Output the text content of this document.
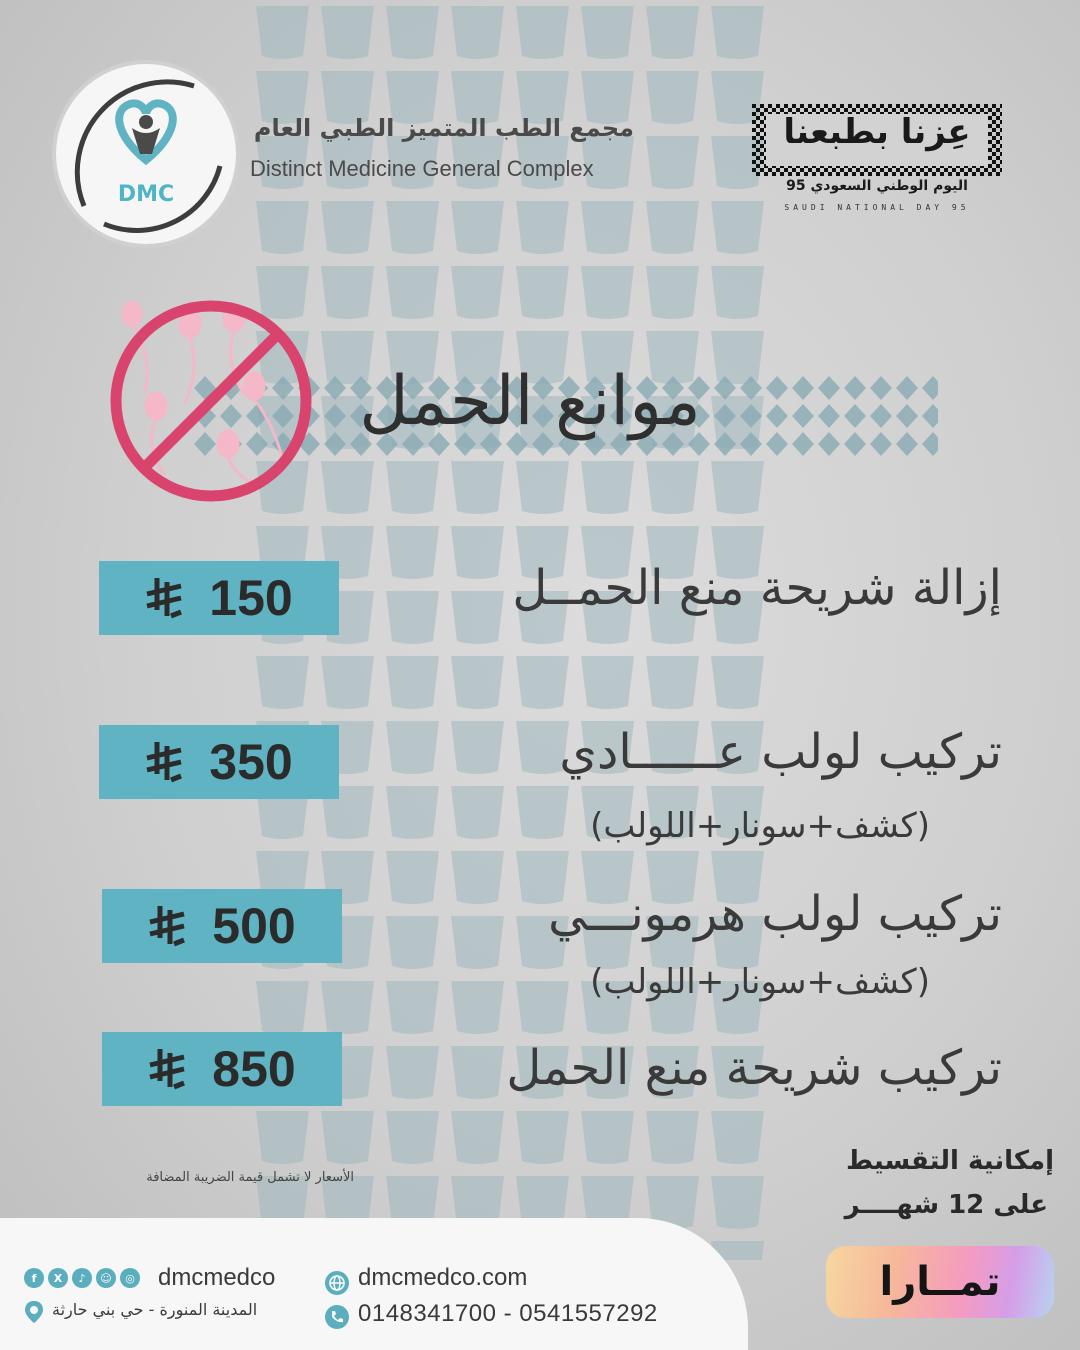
DMC
مجمع الطب المتميز الطبي العام
Distinct Medicine General Complex
عِزنا بطبعنا
اليوم الوطني السعودي 95
SAUDI NATIONAL DAY 95
موانع الحمل
150	إزالة شريحة منع الحمــل
350	تركيب لولب عــــــادي
(كشف+سونار+اللولب)
500	تركيب لولب هرمونـــي
(كشف+سونار+اللولب)
850	تركيب شريحة منع الحمل
الأسعار لا تشمل قيمة الضريبة المضافة
إمكانية التقسيط
على 12 شهــــر
تمــارا
f	X	♪	☺	◎ dmcmedco
المدينة المنورة - حي بني حارثة
dmcmedco.com
0148341700 - 0541557292
